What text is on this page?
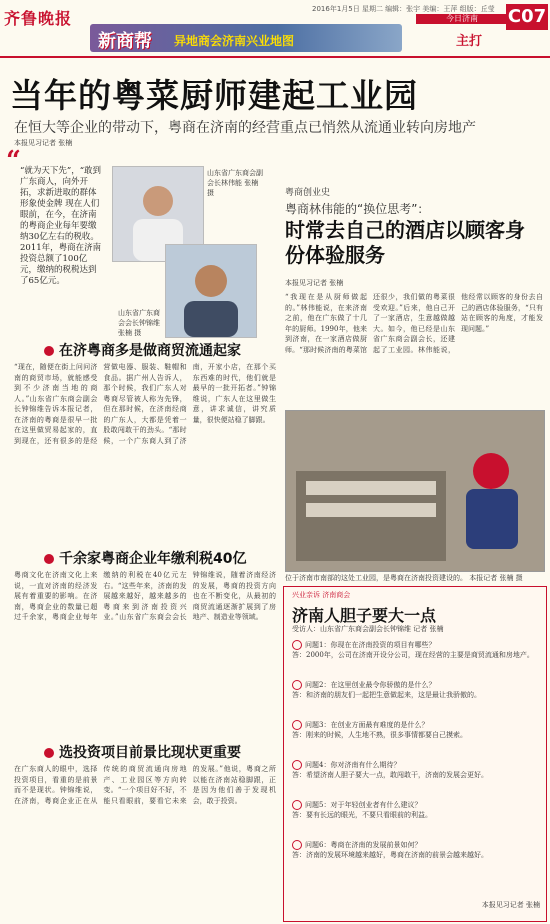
齐鲁晚报	2016年1月5日 星期二 编辑：张宇 美编：王萍 组版：丘莹
今日济南	C07
主打
新商帮 异地商会济南兴业地图
当年的粤菜厨师建起工业园
在恒大等企业的带动下，粤商在济南的经营重点已悄然从流通业转向房地产
本报见习记者 张楠
“ “就为天下先”，“敢到广东商人，向外开拓，求新进取的群体形象使金牌 现在人们眼前，在今，在济南的粤商企业每年要缴纳30亿左右的税收。2011年，粤商在济南投资总额了100亿元，缴纳的税税达到了65亿元。
山东省广东商会副会长林伟能 张楠 摄
山东省广东商会会长钟锦维 张楠 摄
在济粤商多是做商贸流通起家
“现在，随便在街上问问济南的商贸市场，就能感受到不少济南当地的商人。”山东省广东商会副会长钟锦维告诉本报记者，在济南的粤商是很早一批在这里做贸易起家的，直到现在，还有很多的是经营做电器、服装、鞋帽和食品。据广州人告诉人，那个时候，我们广东人对粤商尽管被人称为先锋，但在那时候，在济南经商的广东人，大都是凭着一股敢闯敢干的劲头。“那时候，一个广东商人到了济南，开家小店，在那个买东西难的时代，他们就是最早的一批开拓者。”钟锦维说，广东人在这里做生意，讲求诚信，讲究质量，很快便站稳了脚跟。
千余家粤商企业年缴利税40亿
粤商文化在济南文化上来说，一直对济南的经济发展有着重要的影响。在济南，粤商企业的数量已超过千余家，粤商企业每年缴纳的利税在40亿元左右。“这些年来，济南的发展越来越好，越来越多的粤商来到济南投资兴业。”山东省广东商会会长钟锦维说，随着济南经济的发展，粤商的投资方向也在不断变化，从最初的商贸流通逐渐扩展到了房地产、制造业等领域。
选投资项目前景比现状更重要
在广东商人的眼中，选择投资项目，看重的是前景而不是现状。钟锦维说，在济南，粤商企业正在从传统的商贸流通向房地产、工业园区等方向转变。“一个项目好不好，不能只看眼前，要看它未来的发展。”他说，粤商之所以能在济南站稳脚跟，正是因为他们善于发现机会，敢于投资。
粤商创业史
粤商林伟能的“换位思考”：
时常去自己的酒店以顾客身份体验服务
本报见习记者 张楠
“我现在是从厨师做起的。”林伟能说，在来济南之前，他在广东做了十几年的厨师。1990年，他来到济南，在一家酒店做厨师。“那时候济南的粤菜馆还很少，我们做的粤菜很受欢迎。”后来，他自己开了一家酒店，生意越做越大。如今，他已经是山东省广东商会副会长，还建起了工业园。林伟能说，他经常以顾客的身份去自己的酒店体验服务，“只有站在顾客的角度，才能发现问题。”
位于济南市南部的这处工业园，是粤商在济南投资建设的。 本报记者 张楠 摄
兴业亲诉 济南商会
济南人胆子要大一点
受访人：山东省广东商会副会长钟锦维 记者 张楠
问题1：你现在在济南投资的项目有哪些？
答：2000年，公司在济南开设分公司，现在经营的主要是商贸流通和房地产。
问题2：在这里创业最令你骄傲的是什么？
答：和济南的朋友们一起把生意做起来，这是最让我骄傲的。
问题3：在创业方面最有难度的是什么？
答：刚来的时候，人生地不熟，很多事情都要自己摸索。
问题4：你对济南有什么期待？
答：希望济南人胆子要大一点，敢闯敢干，济南的发展会更好。
问题5：对于年轻创业者有什么建议？
答：要有长远的眼光，不要只看眼前的利益。
问题6：粤商在济南的发展前景如何？
答：济南的发展环境越来越好，粤商在济南的前景会越来越好。
本报见习记者 张楠
